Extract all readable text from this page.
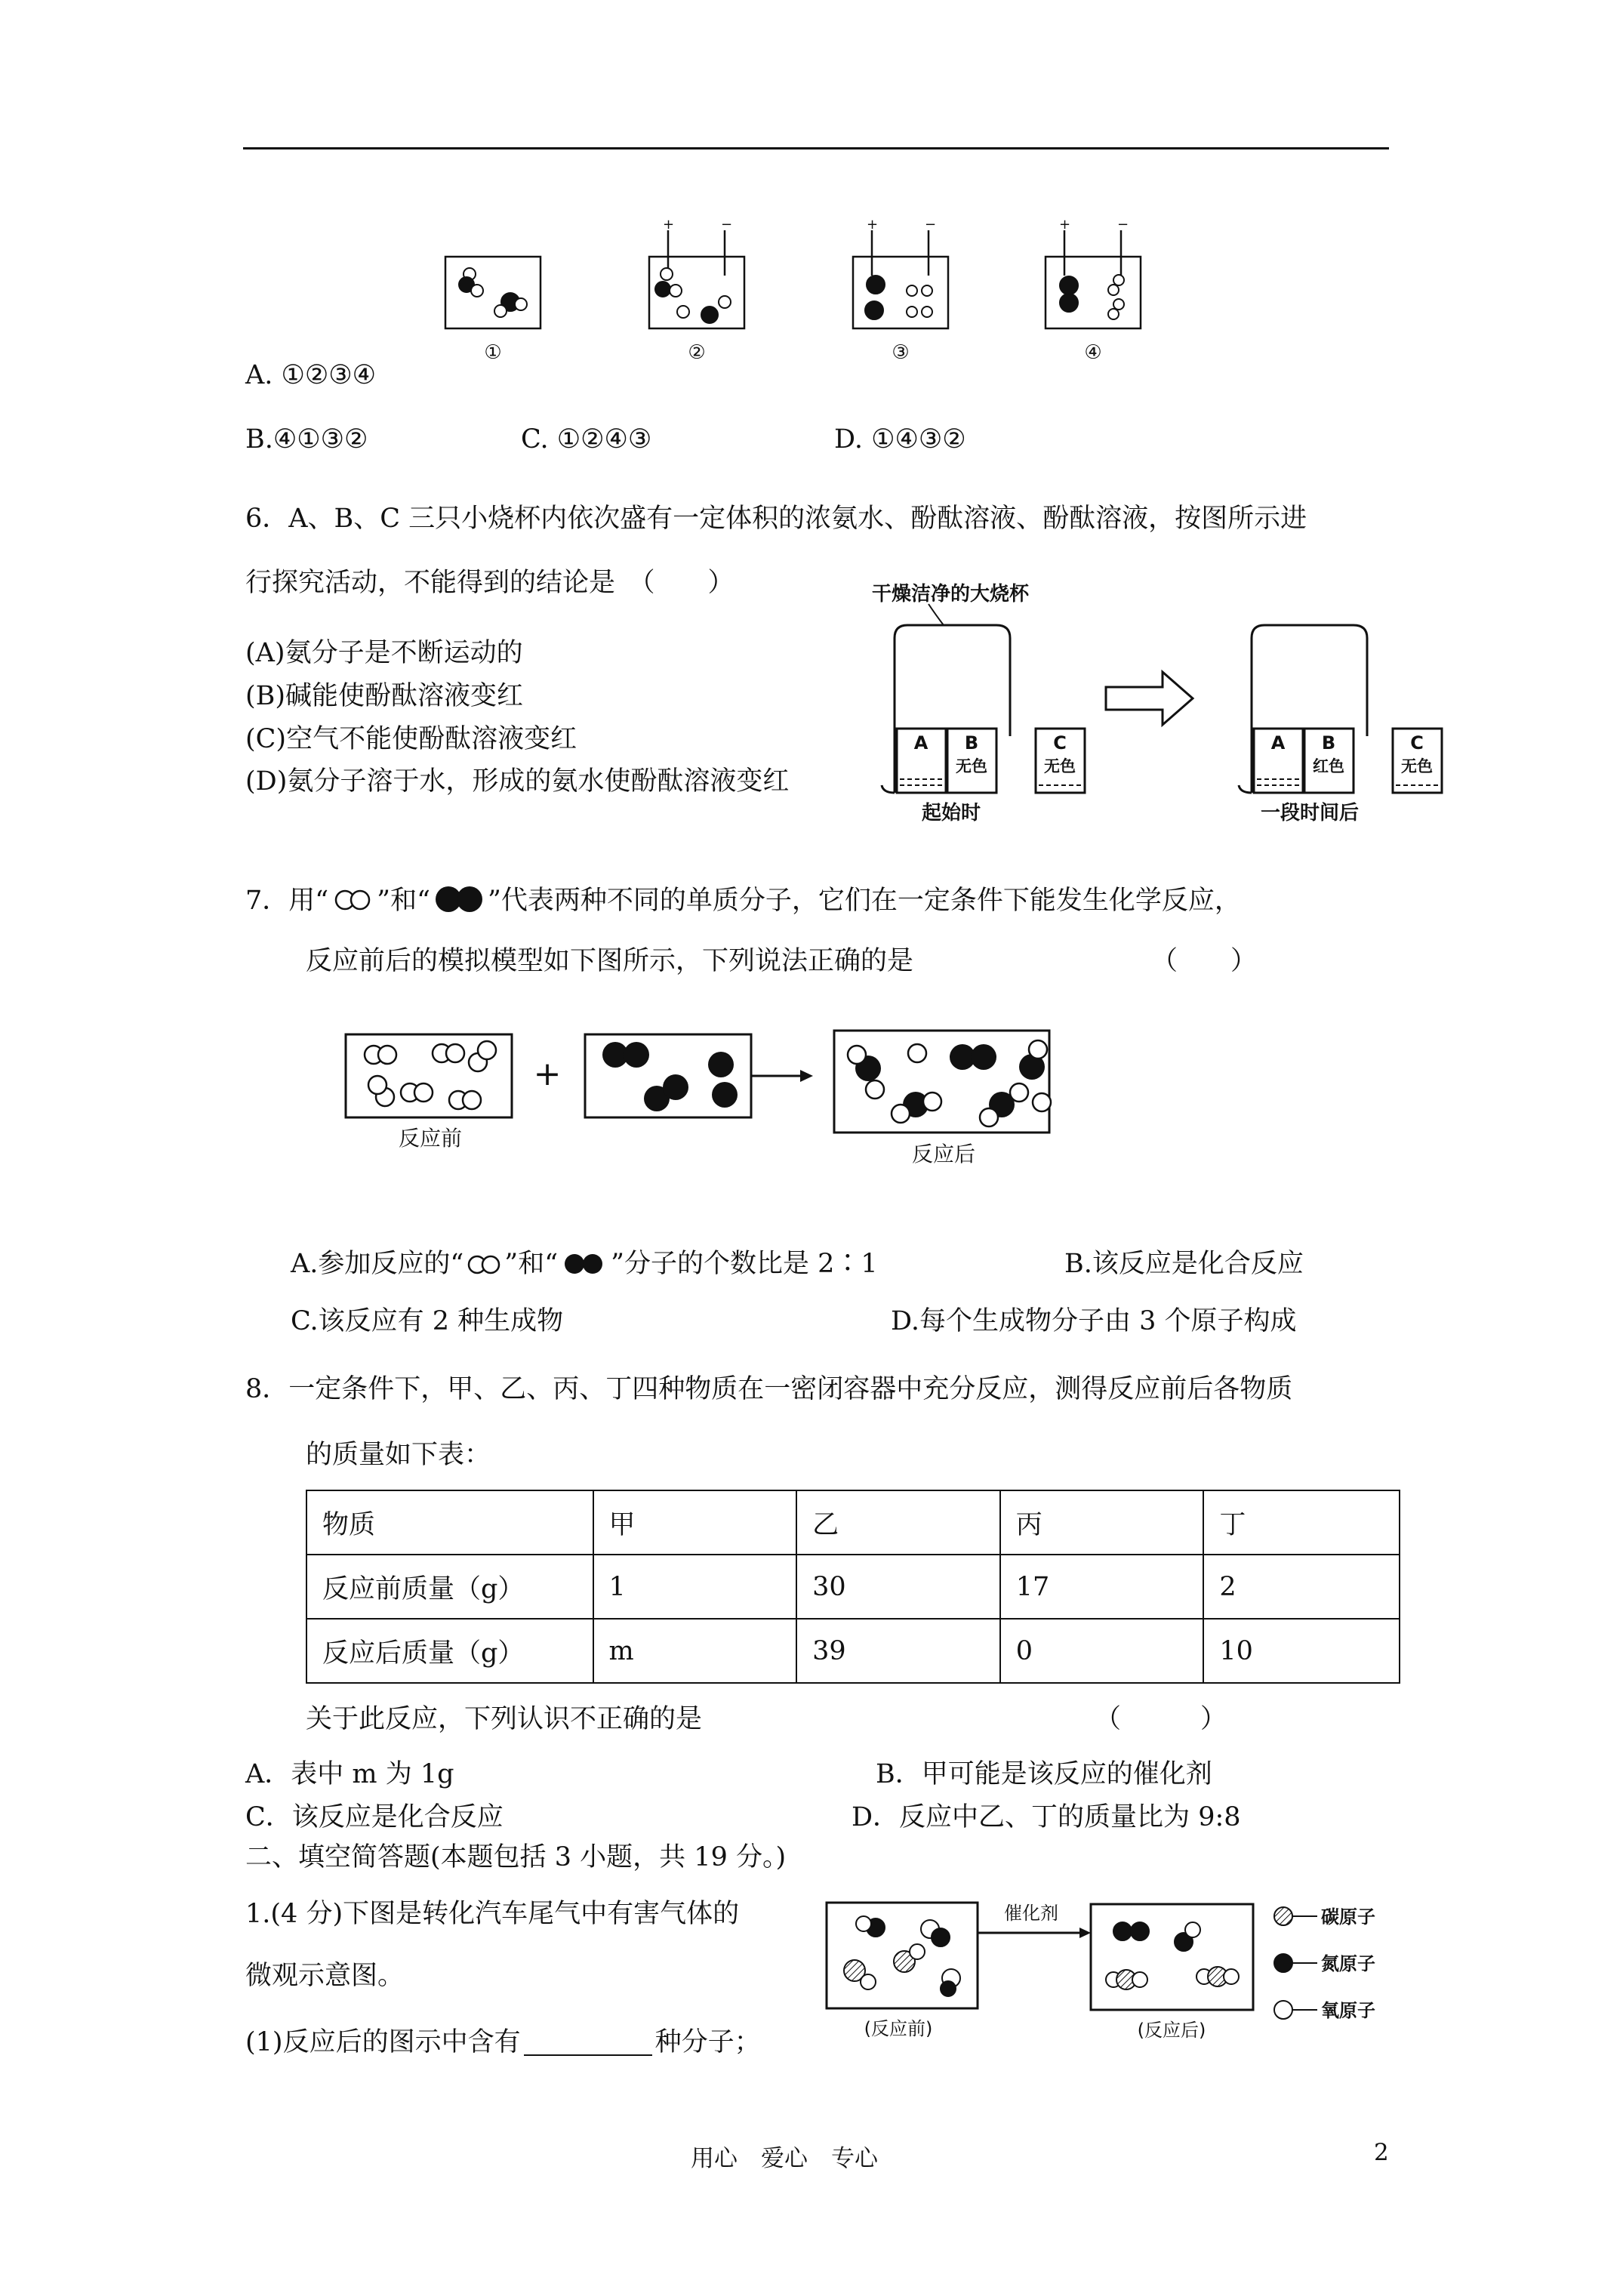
+	−	+	−	+	−
①	②	③	④
A. ①②③④
B.④①③②	C. ①②④③	D. ①④③②
6．A、B、C 三只小烧杯内依次盛有一定体积的浓氨水、酚酞溶液、酚酞溶液，按图所示进
行探究活动，不能得到的结论是　（　　）
(A)氨分子是不断运动的
(B)碱能使酚酞溶液变红
(C)空气不能使酚酞溶液变红
(D)氨分子溶于水，形成的氨水使酚酞溶液变红
干燥洁净的大烧杯
A B	C
无色	无色
起始时
A B	C
红色	无色
一段时间后
7．用“ ”和“ ”代表两种不同的单质分子，它们在一定条件下能发生化学反应，
反应前后的模拟模型如下图所示，下列说法正确的是	（　　）
+
反应前
反应后
A.参加反应的“ ”和“ ”分子的个数比是 2∶1	B.该反应是化合反应
C.该反应有 2 种生成物	D.每个生成物分子由 3 个原子构成
8．一定条件下，甲、乙、丙、丁四种物质在一密闭容器中充分反应，测得反应前后各物质
的质量如下表：
物质	甲	乙	丙	丁
反应前质量（g）	1	30	17	2
反应后质量（g）	m	39	0	10
关于此反应，下列认识不正确的是	（　　　）
A．表中 m 为 1g	B．甲可能是该反应的催化剂
C．该反应是化合反应	D．反应中乙、丁的质量比为 9:8
二、填空简答题(本题包括 3 小题，共 19 分。)
1.(4 分)下图是转化汽车尾气中有害气体的
微观示意图。
(1)反应后的图示中含有	种分子；	(反应前)
催化剂
(反应后)
碳原子
氮原子
氧原子
用心　爱心　专心	2
